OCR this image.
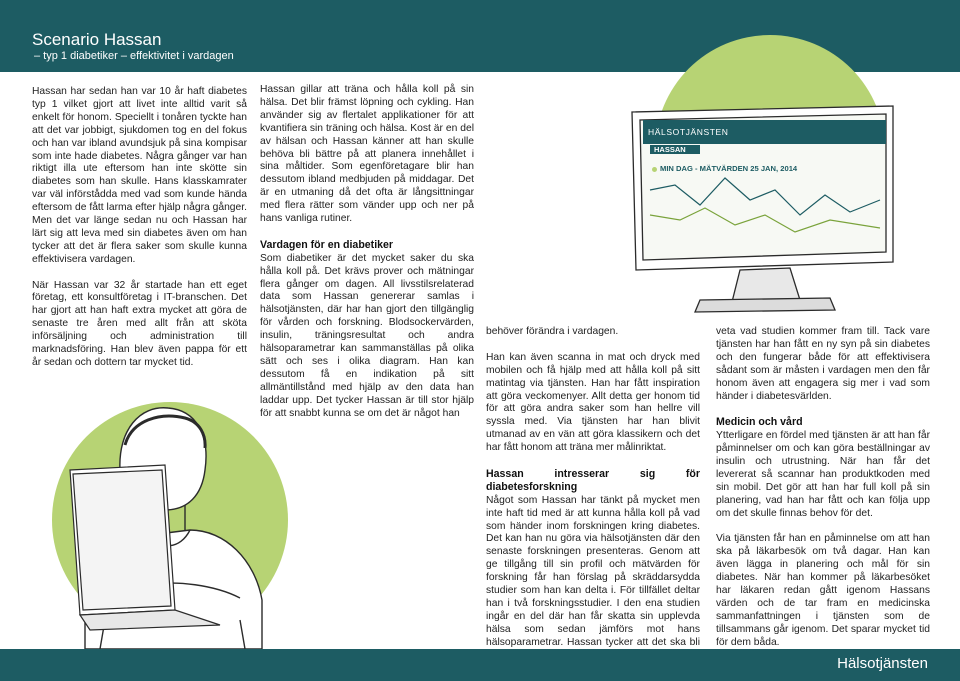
Scenario Hassan
– typ 1 diabetiker – effektivitet i vardagen
HÄLSOTJÄNSTEN
HASSAN
MIN DAG - MÄTVÄRDEN 25 JAN, 2014

Hassan har sedan han var 10 år haft diabetes typ 1 vilket gjort att livet inte alltid varit så enkelt för honom. Speciellt i tonåren tyckte han att det var jobbigt, sjukdomen tog en del fokus och han var ibland avundsjuk på sina kompisar som inte hade diabetes. Några gånger var han riktigt illa ute eftersom han inte skötte sin diabetes som han skulle. Hans klasskamrater var väl införstådda med vad som kunde hända eftersom de fått larma efter hjälp några gånger. Men det var länge sedan nu och Hassan har lärt sig att leva med sin diabetes även om han tycker att det är flera saker som skulle kunna effektivisera vardagen.

När Hassan var 32 år startade han ett eget företag, ett konsultföretag i IT-branschen. Det har gjort att han haft extra mycket att göra de senaste tre åren med allt från att sköta införsäljning och administration till marknadsföring. Han blev även pappa för ett år sedan och dottern tar mycket tid.

Hassan gillar att träna och hålla koll på sin hälsa. Det blir främst löpning och cykling. Han använder sig av flertalet applikationer för att kvantifiera sin träning och hälsa. Kost är en del av hälsan och Hassan känner att han skulle behöva bli bättre på att planera innehållet i sina måltider. Som egenföretagare blir han dessutom ibland medbjuden på middagar. Det är en utmaning då det ofta är långsittningar med flera rätter som vänder upp och ner på hans vanliga rutiner.

Vardagen för en diabetiker

Som diabetiker är det mycket saker du ska hålla koll på. Det krävs prover och mätningar flera gånger om dagen. All livsstilsrelaterad data som Hassan genererar samlas i hälsotjänsten, där har han gjort den tillgänglig för vården och forskning. Blodsockervärden, insulin, träningsresultat och andra hälsoparametrar kan sammanställas på olika sätt och ses i olika diagram. Han kan dessutom få en indikation på sitt allmäntillstånd med hjälp av den data han laddar upp. Det tycker Hassan är till stor hjälp för att snabbt kunna se om det är något han

behöver förändra i vardagen.

Han kan även scanna in mat och dryck med mobilen och få hjälp med att hålla koll på sitt matintag via tjänsten. Han har fått inspiration att göra veckomenyer. Allt detta ger honom tid för att göra andra saker som han hellre vill syssla med. Via tjänsten har han blivit utmanad av en vän att göra klassikern och det har fått honom att träna mer målinriktat.

Hassan intresserar sig för diabetesforskning

Något som Hassan har tänkt på mycket men inte haft tid med är att kunna hålla koll på vad som händer inom forskningen kring diabetes. Det kan han nu göra via hälsotjänsten där den senaste forskningen presenteras. Genom att ge tillgång till sin profil och mätvärden för forskning får han förslag på skräddarsydda studier som han kan delta i. För tillfället deltar han i två forskningsstudier. I den ena studien ingår en del där han får skatta sin upplevda hälsa som sedan jämförs mot hans hälsoparametrar. Hassan tycker att det ska bli

veta vad studien kommer fram till. Tack vare tjänsten har han fått en ny syn på sin diabetes och den fungerar både för att effektivisera sådant som är måsten i vardagen men den får honom även att engagera sig mer i vad som händer i diabetesvärlden.

Medicin och vård

Ytterligare en fördel med tjänsten är att han får påminnelser om och kan göra beställningar av insulin och utrustning. När han får det levererat så scannar han produktkoden med sin mobil. Det gör att han har full koll på sin planering, vad han har fått och kan följa upp om det skulle finnas behov för det.

Via tjänsten får han en påminnelse om att han ska på läkarbesök om två dagar. Han kan även lägga in planering och mål för sin diabetes. När han kommer på läkarbesöket har läkaren redan gått igenom Hassans värden och de tar fram en medicinska sammanfattningen i tjänsten som de tillsammans går igenom. Det sparar mycket tid för dem båda.

Hälsotjänsten
